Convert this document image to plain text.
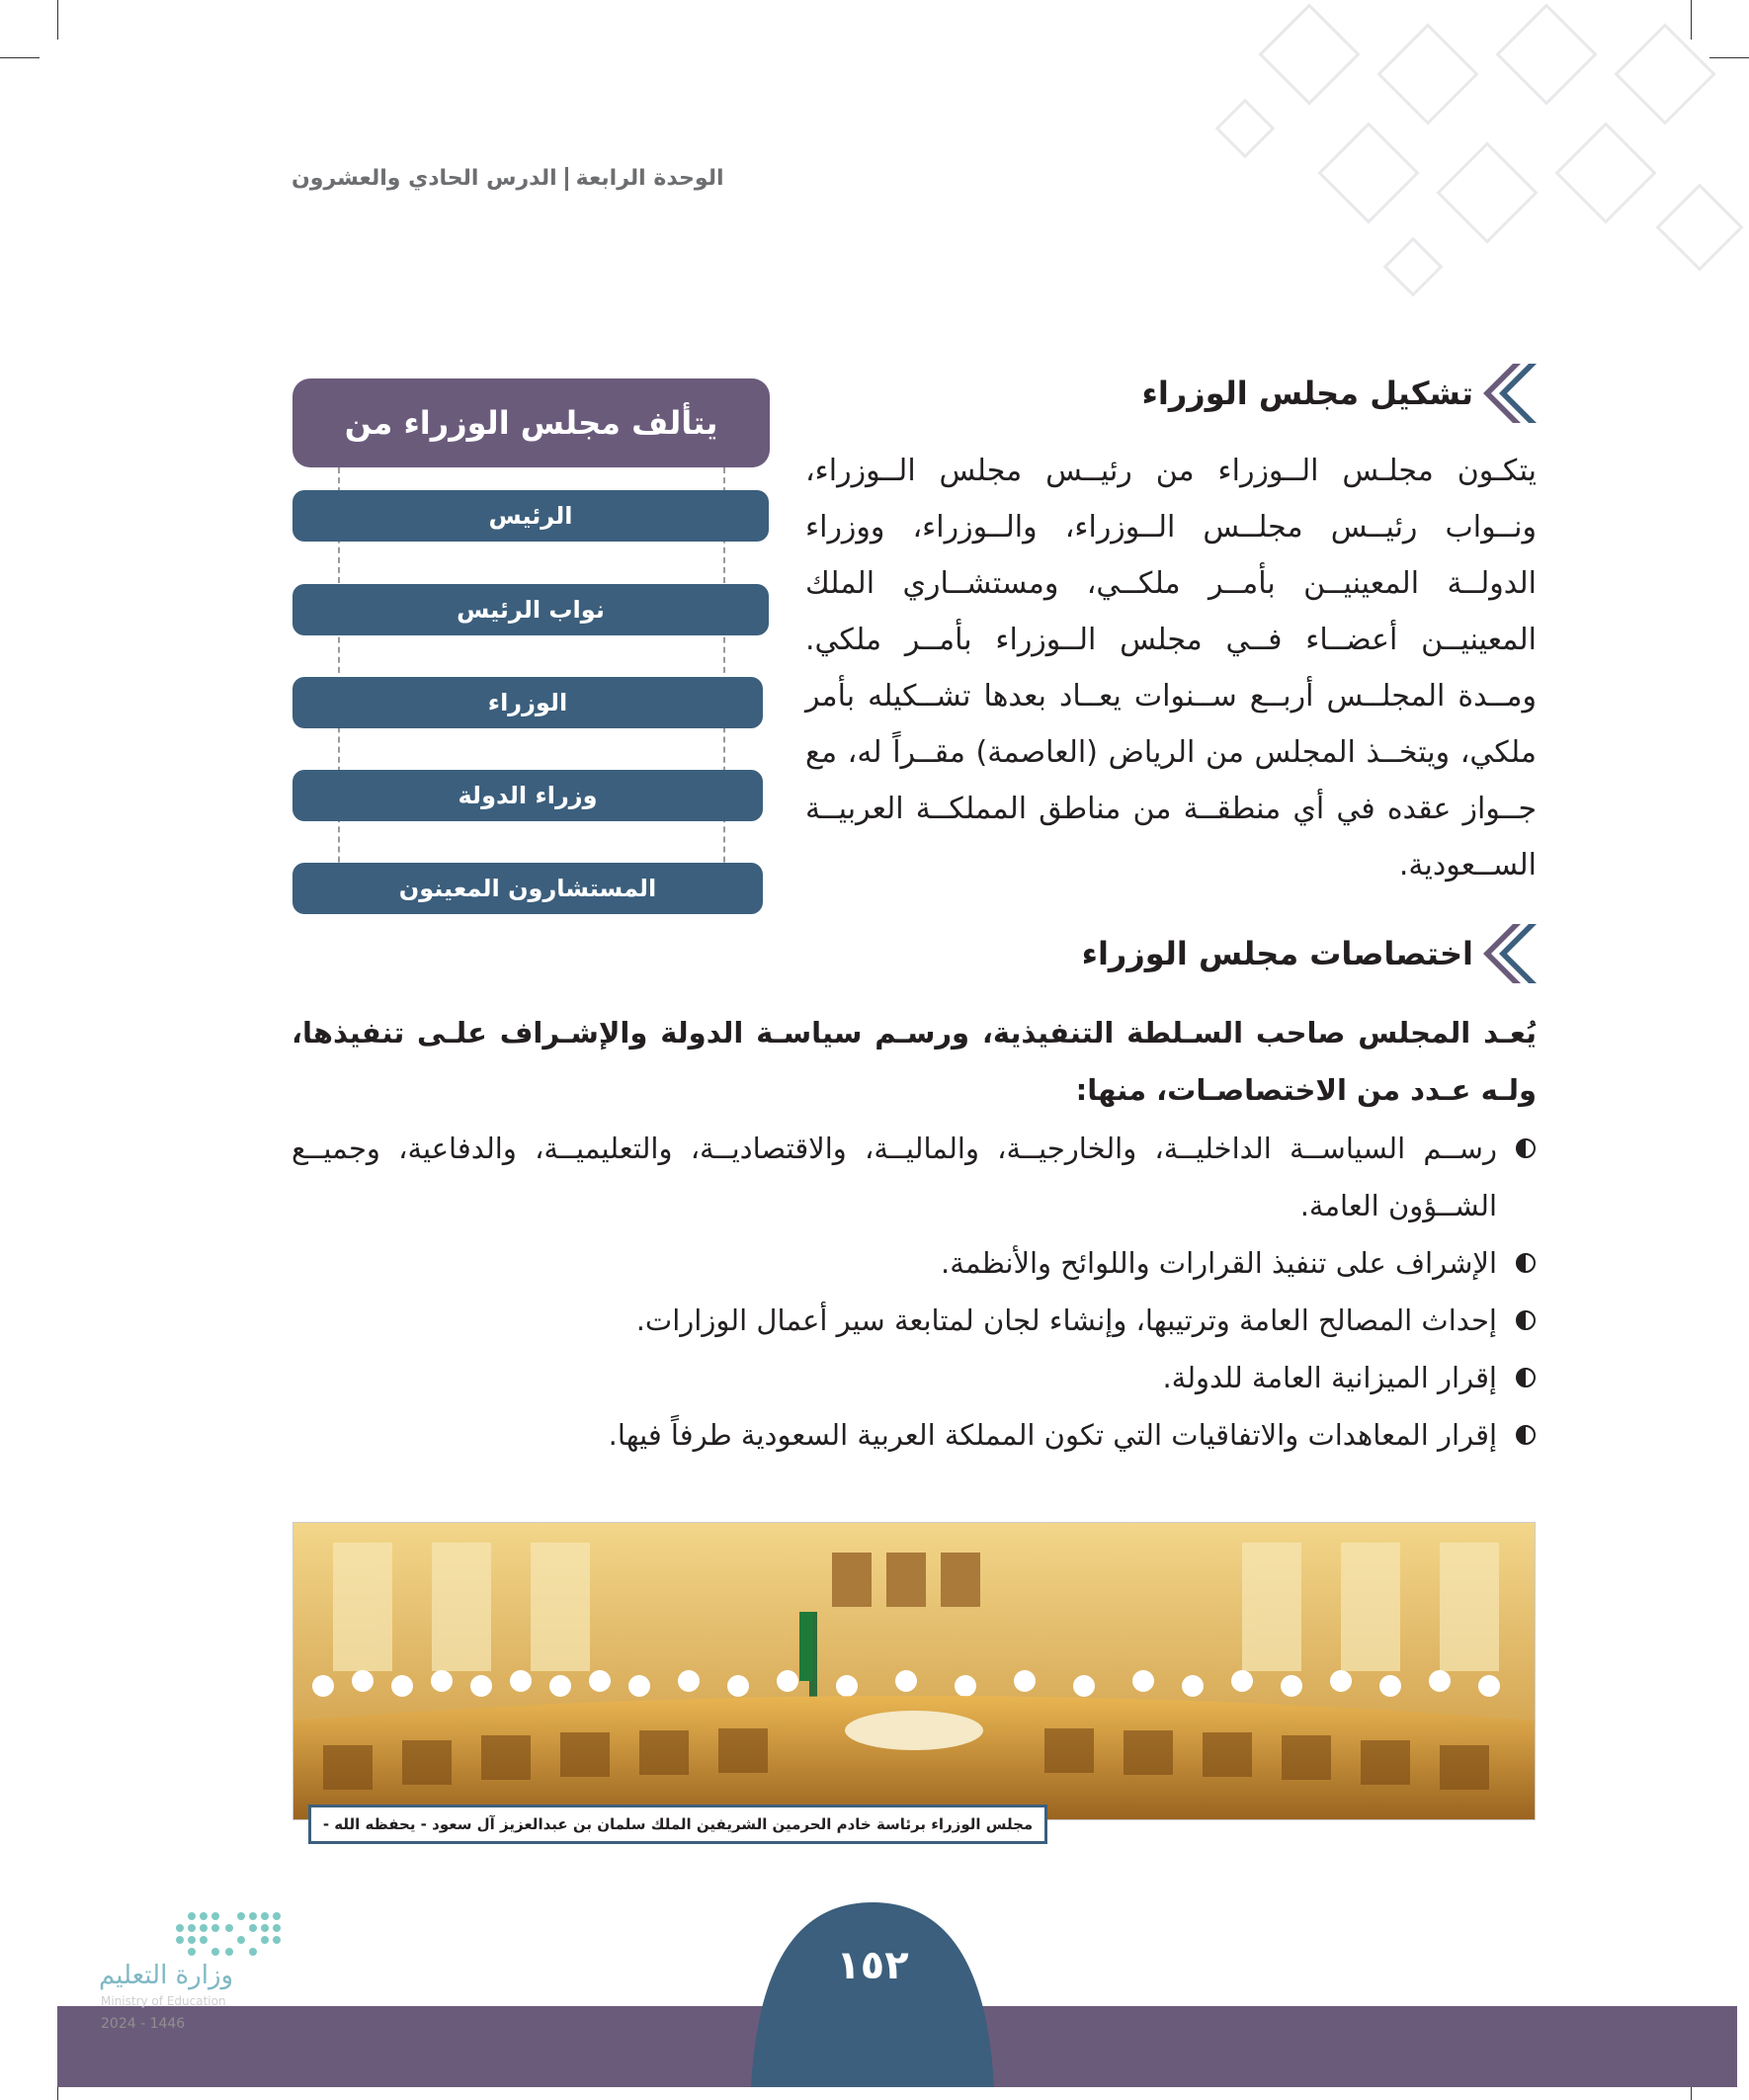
الوحدة الرابعةالدرس الحادي والعشرون
تشكيل مجلس الوزراء
يتكـون مجلـس الــوزراء من رئيــس مجلس الــوزراء، ونــواب رئيــس مجلــس الــوزراء، والــوزراء، ووزراء الدولــة المعينيــن بأمــر ملكــي، ومستشــاري الملك المعينيــن أعضــاء فــي مجلس الــوزراء بأمــر ملكي. ومــدة المجلــس أربــع ســنوات يعــاد بعدها تشــكيله بأمر ملكي، ويتخــذ المجلس من الرياض (العاصمة) مقــراً له، مع جــواز عقده في أي منطقــة من مناطق المملكــة العربيــة الســعودية.
يتألف مجلس الوزراء من
الرئيس
نواب الرئيس
الوزراء
وزراء الدولة
المستشارون المعينون
اختصاصات مجلس الوزراء
يُعـد المجلس صاحب السـلطة التنفيذية، ورسـم سياسـة الدولة والإشـراف علـى تنفيذها، ولـه عـدد من الاختصاصـات، منها:
رســم السياســة الداخليــة، والخارجيــة، والماليــة، والاقتصاديــة، والتعليميــة، والدفاعية، وجميــع الشــؤون العامة.
الإشراف على تنفيذ القرارات واللوائح والأنظمة.
إحداث المصالح العامة وترتيبها، وإنشاء لجان لمتابعة سير أعمال الوزارات.
إقرار الميزانية العامة للدولة.
إقرار المعاهدات والاتفاقيات التي تكون المملكة العربية السعودية طرفاً فيها.
مجلس الوزراء برئاسة خادم الحرمين الشريفين الملك سلمان بن عبدالعزيز آل سعود - يحفظه الله -
١٥٢
وزارة التعليم
Ministry of Education
2024 - 1446
